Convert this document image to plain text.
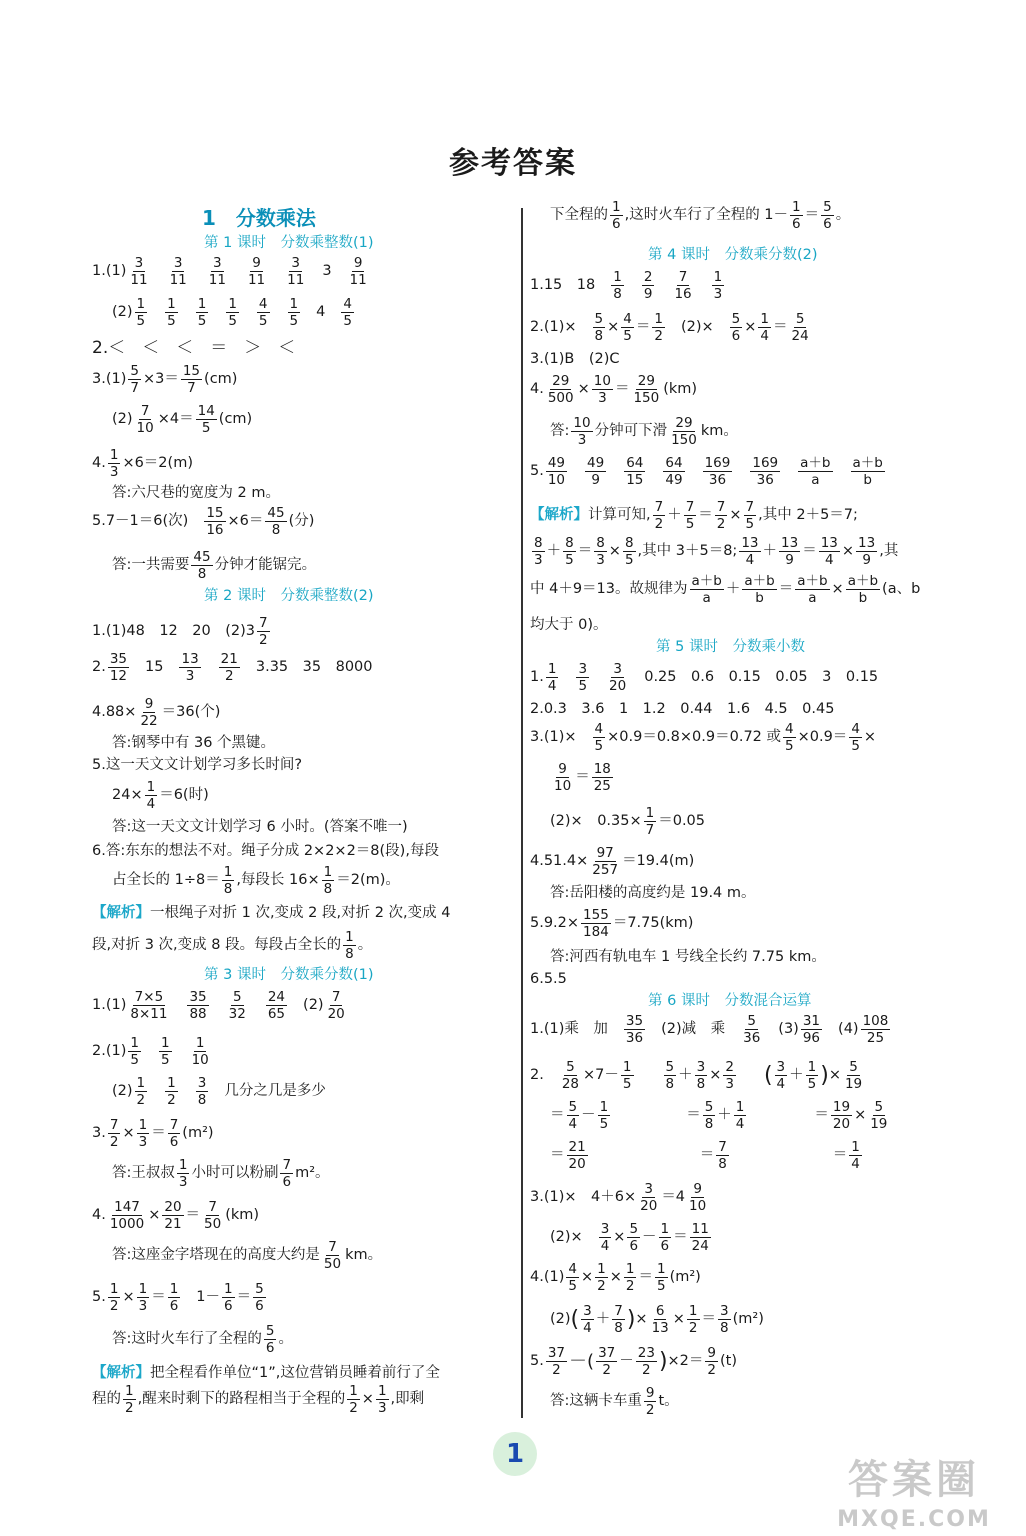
参考答案
1　分数乘法
第 1 课时　分数乘整数(1)
1.(1)
3
11
3
11
3
11
9
11
3
11
3
9
11
(2)
1
5
1
5
1
5
1
5
4
5
1
5
4
4
5
2.＜　＜　＜　＝　＞　＜
$3.(1) \frac{5}{7} \times 3=$
15
7
(cm)
$(2) \frac{7}{10} \times 4=$
14
5
(cm)
4. $\frac{1}{3} \times 6=2(m)$
答:六尺巷的宽度为 2 m。
5.7－1＝6(次) $\frac{15}{16} \times 6=$
45
8
(分)
答:一共需要
45
8
分钟才能锯完。
第 2 课时　分数乘整数(2)
1.(1)48　12　20　(2)3
7
2
2.
35
12
15
13
3
21
2
3.35　35　8000
$4.88\times \frac{9}{22} =36$(个)
答:钢琴中有 36 个黑键。
5.这一天文文计划学习多长时间?
$24\times \frac{1}{4} =6$(时)
答:这一天文文计划学习 6 小时。(答案不唯一)
6.答:东东的想法不对。绳子分成 2×2×2＝8(段),每段
占全长的 1÷8＝
1
8
,每段长 $16\times \frac{1}{8} =2(m)$。
【解析】 一根绳子对折 1 次,变成 2 段,对折 2 次,变成 4
段,对折 3 次,变成 8 段。每段占全长的
1
8
。
第 3 课时　分数乘分数(1)
1.(1)
7×5
8×11
35
88
5
32
24
65
(2)
7
20
2.(1)
1
5
1
5
1
10
(2)
1
2
1
2
3
8
几分之几是多少
3. $\frac{7}{2} \times \frac{1}{3}$ ＝
7
6
(m²)
答:王叔叔
1
3
小时可以粉刷
7
6
m²。
4. $\frac{147}{1000} \times \frac{20}{21}$ ＝
7
50
(km)
答:这座金字塔现在的高度大约是
7
50
km。
5. $\frac{1}{2} \times \frac{1}{3}$ ＝
1
6
1－
1
6
＝
5
6
答:这时火车行了全程的
5
6
。
【解析】 把全程看作单位“1”,这位营销员睡着前行了全
程的
1
2
,醒来时剩下的路程相当于全程的 $\frac{1}{2} \times \frac{1}{3}$ ,即剩
下全程的
1
6
,这时火车行了全程的 1－
1
6
＝
5
6
。
第 4 课时　分数乘分数(2)
1.15　18
1
8
2
9
7
16
1
3
$2.(1)\times \frac{5}{8} \times \frac{4}{5}$ ＝
1
2
$(2)\times \frac{5}{6} \times \frac{1}{4}$ ＝
5
24
3.(1)B　(2)C
4. $\frac{29}{500} \times \frac{10}{3}$ ＝
29
150
(km)
答:
10
3
分钟可下滑
29
150
km。
5.
49
10
49
9
64
15
64
49
169
36
169
36
a＋b
a
a＋b
b
【解析】 计算可知,
7
2
＋
7
5
＝ $\frac{7}{2} \times \frac{7}{5}$ ,其中 2＋5＝7;
8
3
＋
8
5
＝ $\frac{8}{3} \times \frac{8}{5}$ ,其中 3＋5＝8;
13
4
＋
13
9
＝ $\frac{13}{4} \times \frac{13}{9}$ ,其
中 4＋9＝13。故规律为
a＋b
a
＋
a＋b
b
＝ $\frac{a+b}{a} \times \frac{a+b}{b} (a$、b
均大于 0)。
第 5 课时　分数乘小数
1.
1
4
3
5
3
20
0.25　0.6　0.15　0.05　3　0.15
2.0.3　3.6　1　1.2　0.44　1.6　4.5　0.45
$3.(1)\times \frac{4}{5} \times 0.9=0.8\times 0.9=0.72$ 或 $\frac{4}{5} \times 0.9= \frac{4}{5}$ ×
9
10
＝
18
25
(2)×　$0.35\times \frac{1}{7} =0.05$
$4.51.4\times \frac{97}{257} =19.4(m)$
答:岳阳楼的高度约是 19.4 m。
$5.9.2\times \frac{155}{184} =7.75(km)$
答:河西有轨电车 1 号线全长约 7.75 km。
6.5.5
第 6 课时　分数混合运算
1.(1)乘　加
35
36
(2)减　乘
5
36
(3)
31
96
(4)
108
25
2. $\frac{5}{28} \times 7-$
1
5
5
8
＋ $\frac{3}{8} \times \frac{2}{3}$ ( 3
4
＋
1
5 ) × $\frac{5}{19}$
＝
5
4
－
1
5
＝
5
8
＋
1
4
＝ $\frac{19}{20} \times \frac{5}{19}$
＝
21
20
＝
7
8
＝
1
4
3.(1)×　$4+6\times \frac{3}{20} =4$
9
10
$(2)\times \frac{3}{4} \times \frac{5}{6}$ －
1
6
＝
11
24
$4.(1) \frac{4}{5} \times \frac{1}{2} \times \frac{1}{2}$ ＝
1
5
(m²)
(2) ( 3
4
＋
7
8 ) × $\frac{6}{13} \times \frac{1}{2}$ ＝
3
8
(m²)
5.
37
2 －( 37
2
－
23
2 ) ×2＝
9
2
(t)
答:这辆卡车重
9
2
t。
1
答案圈
MXQE.COM
